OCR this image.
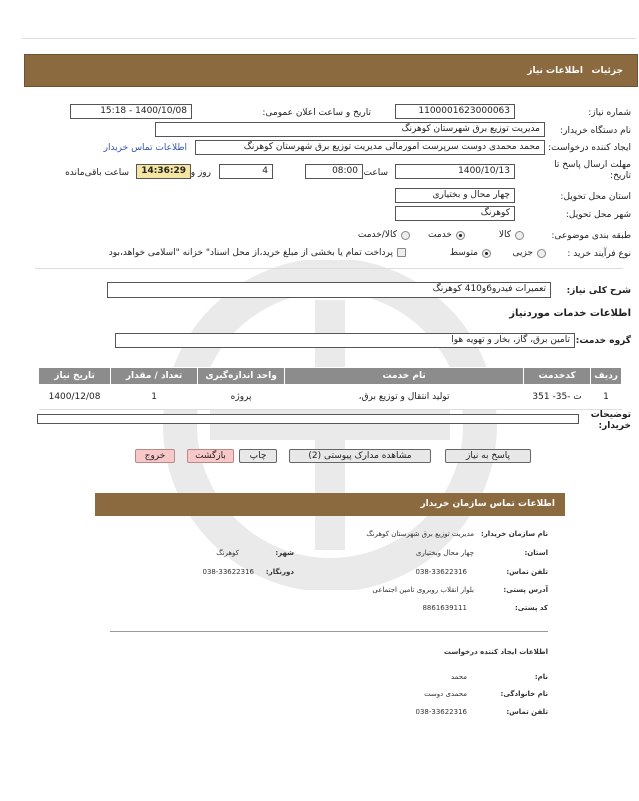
جزئیات
اطلاعات نیاز
شماره نیاز:
1100001623000063
تاریخ و ساعت اعلان عمومی:
1400/10/08 - 15:18
نام دستگاه خریدار:
مدیریت توزیع برق شهرستان کوهرنگ
ایجاد کننده درخواست:
محمد محمدی دوست سرپرست امورمالی مدیریت توزیع برق شهرستان کوهرنگ
اطلاعات تماس خریدار
مهلت ارسال پاسخ تا تاریخ:
1400/10/13
ساعت
08:00
4
روز و
14:36:29
ساعت باقی‌مانده
استان محل تحویل:
چهار محال و بختیاری
شهر محل تحویل:
کوهرنگ
طبقه بندی موضوعی:
کالا
خدمت
کالا/خدمت
نوع فرآیند خرید :
جزیی
متوسط
پرداخت تمام یا بخشی از مبلغ خرید،از محل اسناد" خزانه "اسلامی خواهد،بود
شرح کلی نیاز:
تعمیرات فیدرو6و410 کوهرنگ
اطلاعات خدمات موردنیاز
گروه خدمت:
تامین برق، گاز، بخار و تهویه هوا
ردیف	کدخدمت	نام خدمت	واحد اندازه‌گیری	تعداد / مقدار	تاریخ نیاز
1	ت -35- 351	تولید انتقال و توزیع برق،	پروژه	1	1400/12/08
توضیحات خریدار:
پاسخ به نیاز
مشاهده مدارک پیوستی (2)
چاپ
بازگشت
خروج
اطلاعات تماس سازمان خریدار
نام سازمان خریدار:
مدیریت توزیع برق شهرستان کوهرنگ
استان:
چهار محال وبختیاری
شهر:
کوهرنگ
تلفن تماس:
038-33622316
دورنگار:
038-33622316
آدرس پستی:
بلوار انقلاب روبروی تامین اجتماعی
کد پستی:
8861639111
اطلاعات ایجاد کننده درخواست
نام:
محمد
نام خانوادگی:
محمدی دوست
تلفن تماس:
038-33622316
